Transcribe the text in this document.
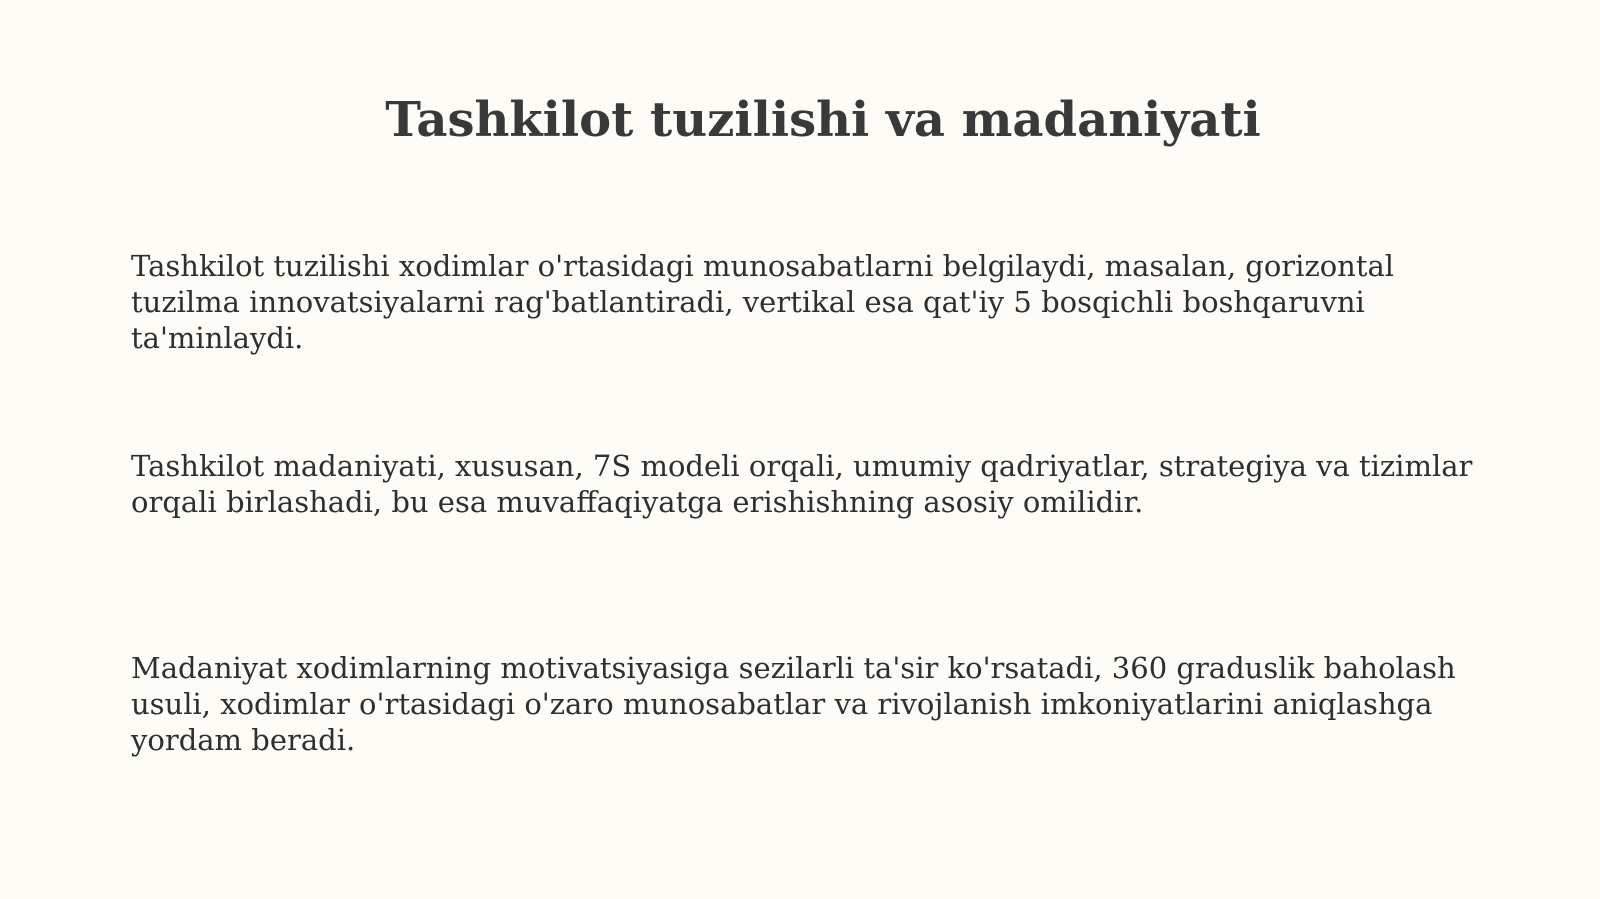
Tashkilot tuzilishi va madaniyati

Tashkilot tuzilishi xodimlar o'rtasidagi munosabatlarni belgilaydi, masalan, gorizontal tuzilma innovatsiyalarni rag'batlantiradi, vertikal esa qat'iy 5 bosqichli boshqaruvni ta'minlaydi.

Tashkilot madaniyati, xususan, 7S modeli orqali, umumiy qadriyatlar, strategiya va tizimlar orqali birlashadi, bu esa muvaffaqiyatga erishishning asosiy omilidir.

Madaniyat xodimlarning motivatsiyasiga sezilarli ta'sir ko'rsatadi, 360 graduslik baholash usuli, xodimlar o'rtasidagi o'zaro munosabatlar va rivojlanish imkoniyatlarini aniqlashga yordam beradi.
